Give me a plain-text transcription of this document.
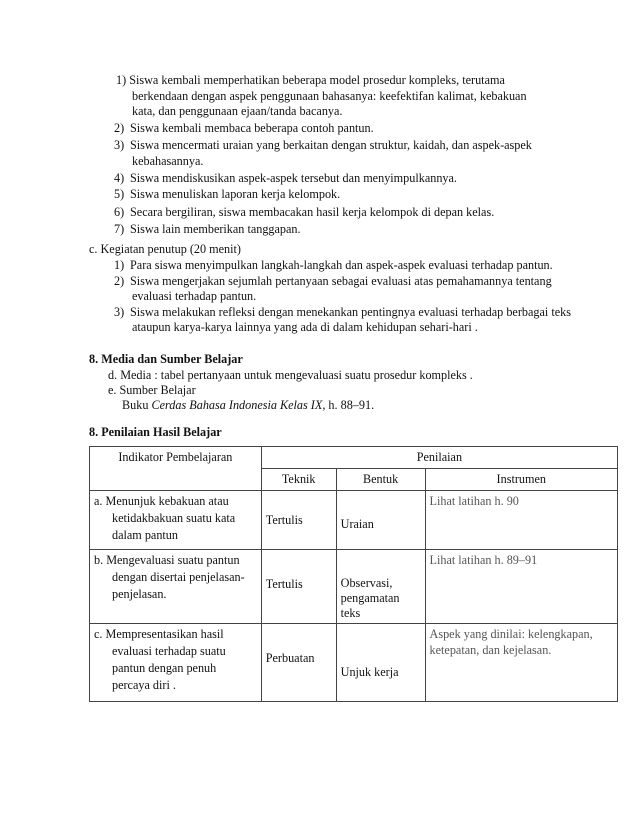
1) Siswa kembali memperhatikan beberapa model prosedur kompleks, terutama
berkendaan dengan aspek penggunaan bahasanya: keefektifan kalimat, kebakuan
kata, dan penggunaan ejaan/tanda bacanya.
2) Siswa kembali membaca beberapa contoh pantun.
3) Siswa mencermati uraian yang berkaitan dengan struktur, kaidah, dan aspek-aspek
kebahasannya.
4) Siswa mendiskusikan aspek-aspek tersebut dan menyimpulkannya.
5) Siswa menuliskan laporan kerja kelompok.
6) Secara bergiliran, siswa membacakan hasil kerja kelompok di depan kelas.
7) Siswa lain memberikan tanggapan.
c. Kegiatan penutup (20 menit)
1) Para siswa menyimpulkan langkah-langkah dan aspek-aspek evaluasi terhadap pantun.
2) Siswa mengerjakan sejumlah pertanyaan sebagai evaluasi atas pemahamannya tentang
evaluasi terhadap pantun.
3) Siswa melakukan refleksi dengan menekankan pentingnya evaluasi terhadap berbagai teks
ataupun karya-karya lainnya yang ada di dalam kehidupan sehari-hari .
8. Media dan Sumber Belajar
d. Media : tabel pertanyaan untuk mengevaluasi suatu prosedur kompleks .
e. Sumber Belajar
Buku Cerdas Bahasa Indonesia Kelas IX, h. 88–91.
8. Penilaian Hasil Belajar
Indikator Pembelajaran	Penilaian		
	Teknik	Bentuk	Instrumen

a. Menunjuk kebakuan atau
ketidakbakuan suatu kata
dalam pantun	Tertulis	Uraian	Lihat latihan h. 90

b. Mengevaluasi suatu pantun
dengan disertai penjelasan-
penjelasan.	Tertulis	Observasi, pengamatan teks	Lihat latihan h. 89–91

c. Mempresentasikan hasil
evaluasi terhadap suatu
pantun dengan penuh
percaya diri .	Perbuatan	Unjuk kerja	Aspek yang dinilai: kelengkapan, ketepatan, dan kejelasan.
